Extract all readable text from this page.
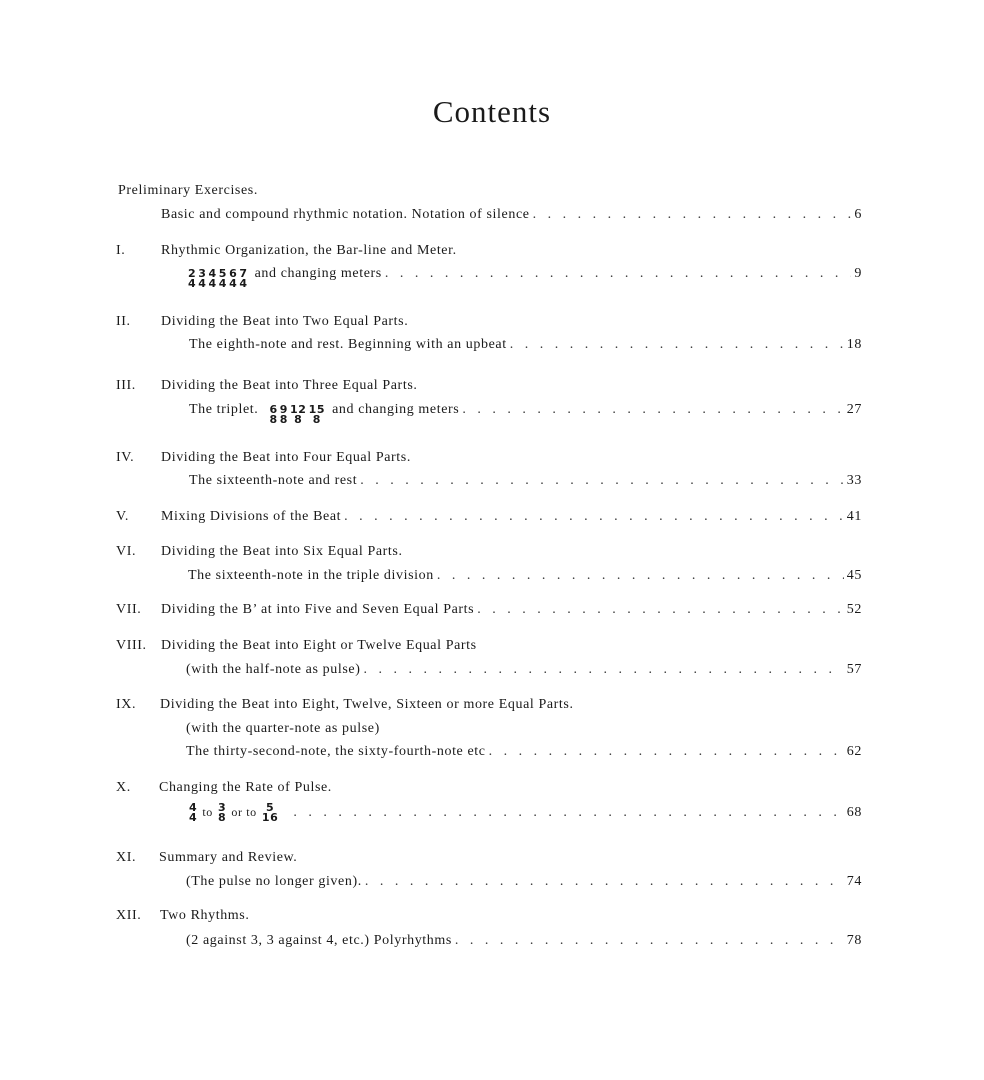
Contents
Preliminary Exercises.
Basic and compound rhythmic notation. Notation of silence . . .	6
I.	Rhythmic Organization, the Bar-line and Meter.
2
4
3
4
4
4
5
4
6
4
7
4
and changing meters . . .	9
II. Dividing the Beat into Two Equal Parts.
The eighth-note and rest. Beginning with an upbeat . . .	18
III. Dividing the Beat into Three Equal Parts.
The triplet. 6
8
9
8
12
8
15
8
and changing meters . . .	27
IV. Dividing the Beat into Four Equal Parts.
The sixteenth-note and rest . . .	33
V. Mixing Divisions of the Beat . . .	41
VI. Dividing the Beat into Six Equal Parts.
The sixteenth-note in the triple division . . .	45
VII. Dividing the B’ at into Five and Seven Equal Parts . . .	52
VIII. Dividing the Beat into Eight or Twelve Equal Parts
(with the half-note as pulse) . . .	57
IX. Dividing the Beat into Eight, Twelve, Sixteen or more Equal Parts.
(with the quarter-note as pulse)
The thirty-second-note, the sixty-fourth-note etc . . .	62
X. Changing the Rate of Pulse.
4
4 to 3
8 or to 5
16 . . .	68
XI. Summary and Review.
(The pulse no longer given). . . .	74
XII. Two Rhythms.
(2 against 3, 3 against 4, etc.) Polyrhythms . . .	78
